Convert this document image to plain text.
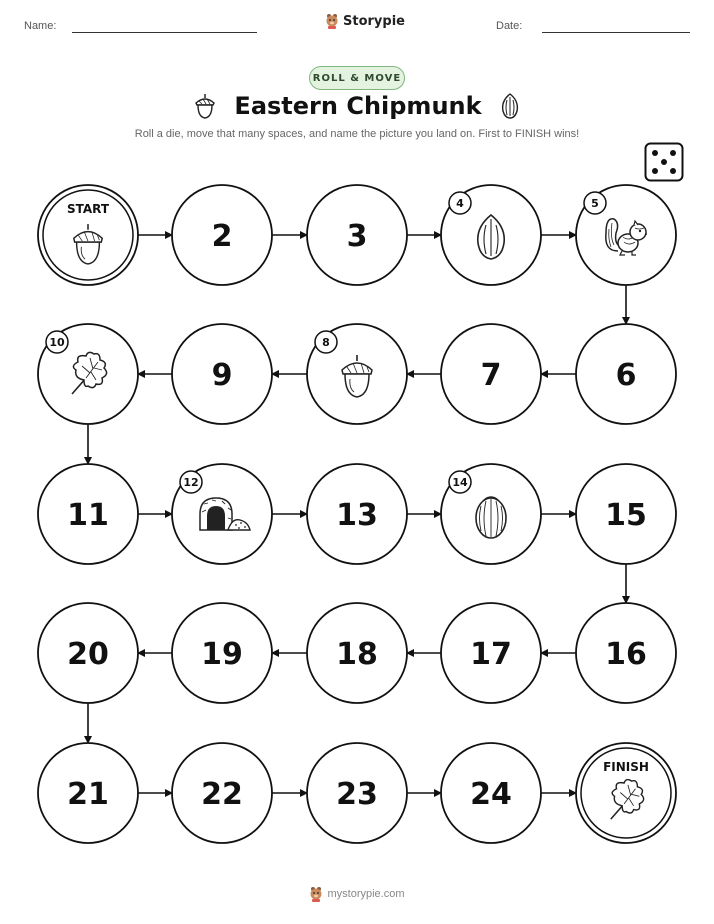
Name:	Storypie	Date:
ROLL & MOVE
Eastern Chipmunk
Roll a die, move that many spaces, and name the picture you land on. First to FINISH wins!
START
2	3
4	5
6
7
8
9
10
11
12
13
14
15
16
17
18
19
20
21	22	23	24
FINISH
mystorypie.com
